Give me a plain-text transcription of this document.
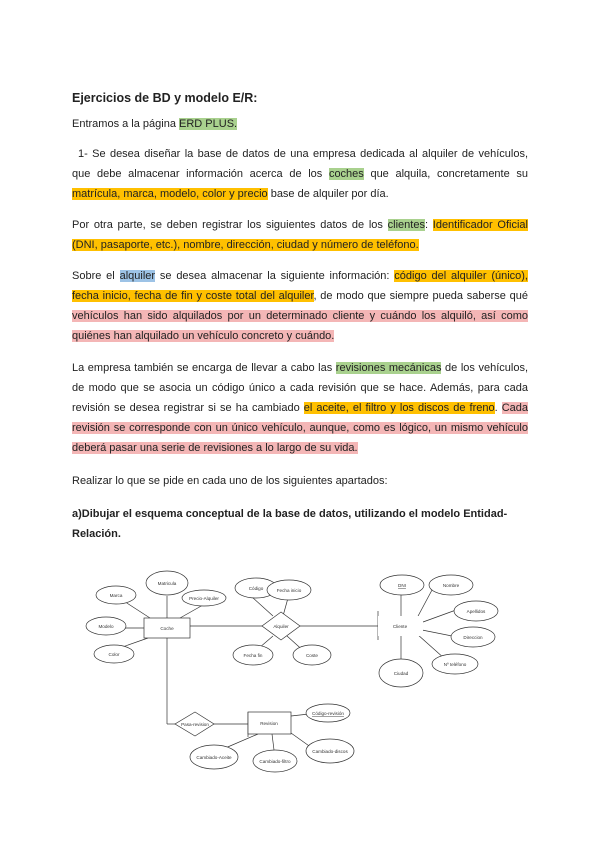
Ejercicios de BD y modelo E/R:

Entramos a la página ERD PLUS.

1- Se desea diseñar la base de datos de una empresa dedicada al alquiler de vehículos, que debe almacenar información acerca de los coches que alquila, concretamente su matrícula, marca, modelo, color y precio base de alquiler por día.

Por otra parte, se deben registrar los siguientes datos de los clientes: Identificador Oficial (DNI, pasaporte, etc.), nombre, dirección, ciudad y número de teléfono.

Sobre el alquiler se desea almacenar la siguiente información: código del alquiler (único), fecha inicio, fecha de fin y coste total del alquiler, de modo que siempre pueda saberse qué vehículos han sido alquilados por un determinado cliente y cuándo los alquiló, así como quiénes han alquilado un vehículo concreto y cuándo.

La empresa también se encarga de llevar a cabo las revisiones mecánicas de los vehículos, de modo que se asocia un código único a cada revisión que se hace. Además, para cada revisión se desea registrar si se ha cambiado el aceite, el filtro y los discos de freno. Cada revisión se corresponde con un único vehículo, aunque, como es lógico, un mismo vehículo deberá pasar una serie de revisiones a lo largo de su vida.

Realizar lo que se pide en cada uno de los siguientes apartados:

a)Dibujar el esquema conceptual de la base de datos, utilizando el modelo Entidad-Relación.

Matricula
Marca
Precio-Alquiler
Modelo
Color
Coche
Código	Fecha inicio
Alquiler
Fecha fin	Coste
DNI	Nombre
Apellidos
Cliente
Direccion
Nº teléfono
Ciudad
Pasa-revision	Revision
Código-revisión
Cambiado-Aceite
Cambiado-filtro
Cambiado-discos
